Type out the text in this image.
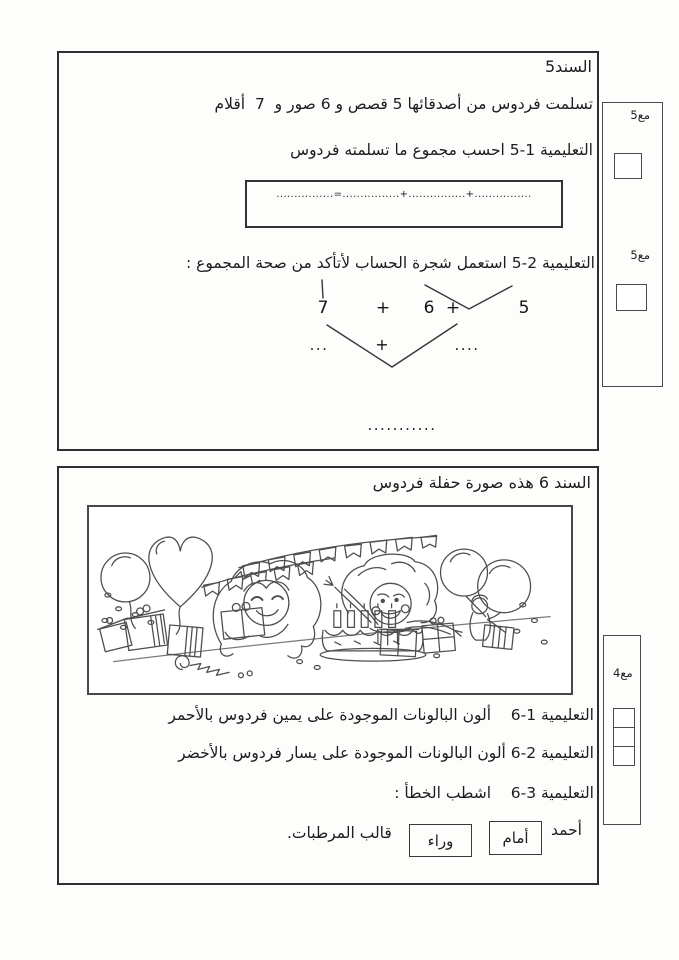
السند5
تسلمت فردوس من أصدقائها 5 قصص و 6 صور و  7  أقلام
التعليمية 1-5 احسب مجموع ما تسلمته فردوس
................=................+................+................
التعليمية 2-5 استعمل شجرة الحساب لأتأكد من صحة المجموع :
7	+ 6 +	5
+
...	....
...........
السند 6 هذه صورة حفلة فردوس
التعليمية 1-6    ألون البالونات الموجودة على يمين فردوس بالأحمر
التعليمية 2-6 ألون البالونات الموجودة على يسار فردوس بالأخضر
التعليمية 3-6    اشطب الخطأ :
أحمد
أمام
وراء
قالب المرطبات.
مع5
مع5
مع4
